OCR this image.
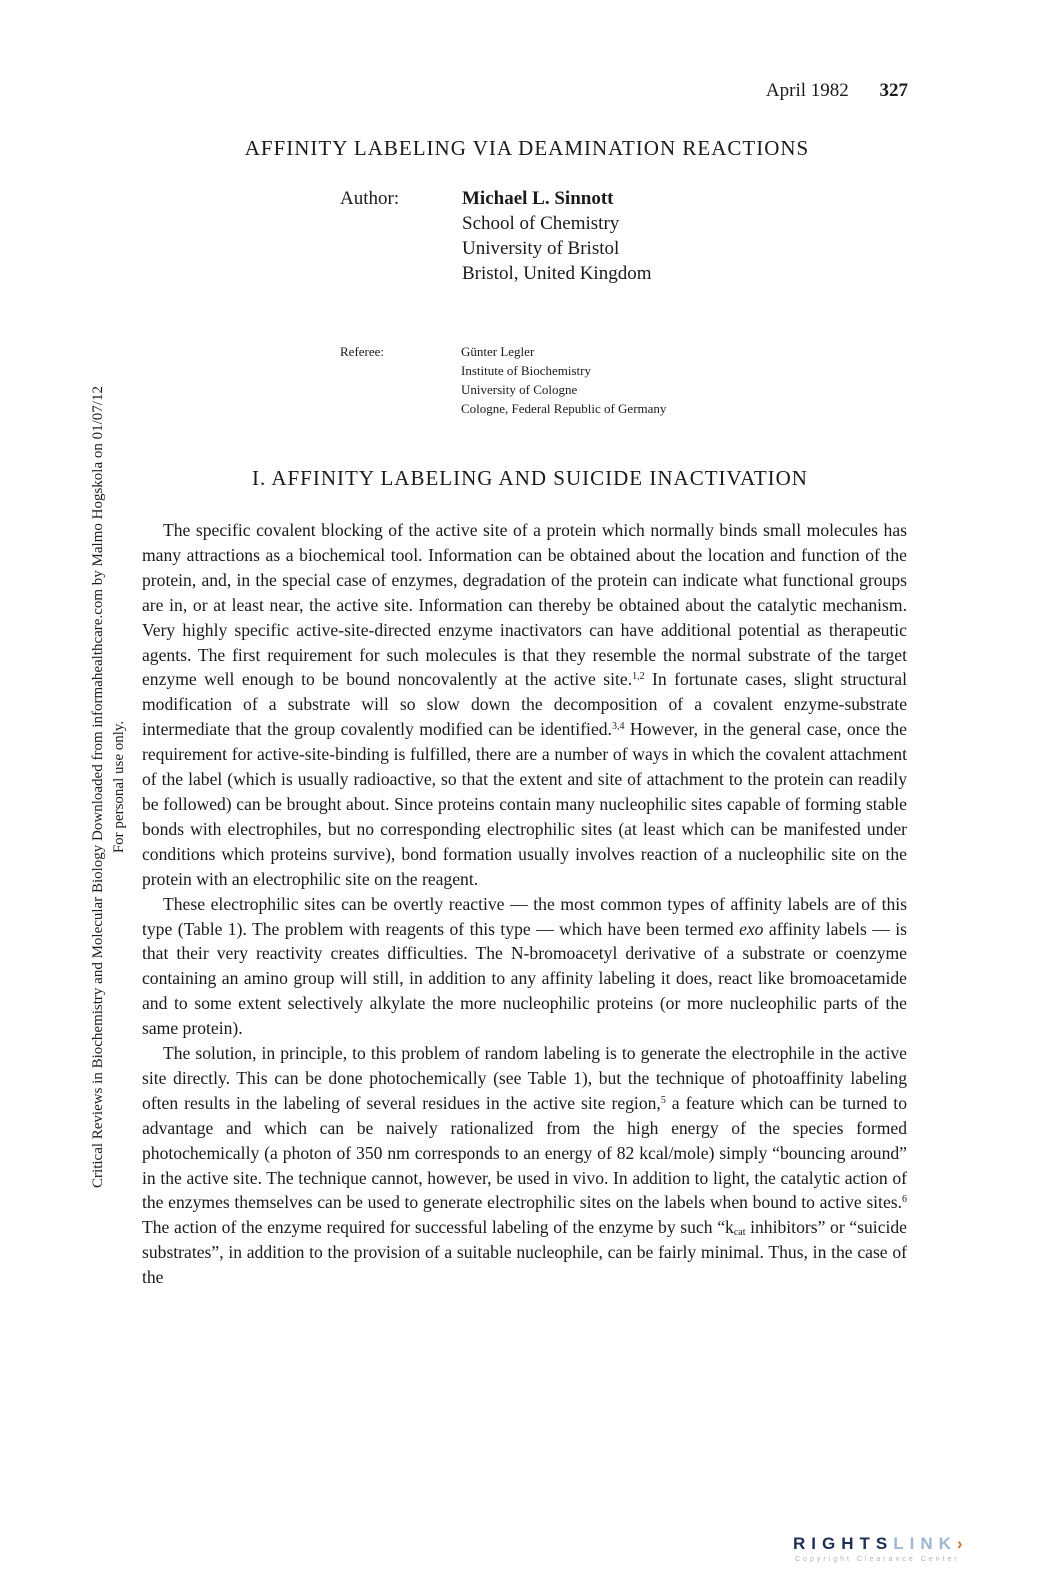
April 1982 327
AFFINITY LABELING VIA DEAMINATION REACTIONS
Author:	Michael L. Sinnott
School of Chemistry
University of Bristol
Bristol, United Kingdom
Referee:	Günter Legler
Institute of Biochemistry
University of Cologne
Cologne, Federal Republic of Germany
I. AFFINITY LABELING AND SUICIDE INACTIVATION

The specific covalent blocking of the active site of a protein which normally binds small molecules has many attractions as a biochemical tool. Information can be obtained about the location and function of the protein, and, in the special case of enzymes, degradation of the protein can indicate what functional groups are in, or at least near, the active site. Information can thereby be obtained about the catalytic mechanism. Very highly specific active-site-directed enzyme inactivators can have additional potential as therapeutic agents. The first requirement for such molecules is that they resemble the normal substrate of the target enzyme well enough to be bound noncovalently at the active site.$^{1,2}$ In fortunate cases, slight structural modification of a substrate will so slow down the decomposition of a covalent enzyme-substrate intermediate that the group covalently modified can be identified.$^{3,4}$ However, in the general case, once the requirement for active-site-binding is fulfilled, there are a number of ways in which the covalent attachment of the label (which is usually radioactive, so that the extent and site of attachment to the protein can readily be followed) can be brought about. Since proteins contain many nucleophilic sites capable of forming stable bonds with electrophiles, but no corresponding electrophilic sites (at least which can be manifested under conditions which proteins survive), bond formation usually involves reaction of a nucleophilic site on the protein with an electrophilic site on the reagent.

These electrophilic sites can be overtly reactive — the most common types of affinity labels are of this type (Table 1). The problem with reagents of this type — which have been termed exo affinity labels — is that their very reactivity creates difficulties. The N-bromoacetyl derivative of a substrate or coenzyme containing an amino group will still, in addition to any affinity labeling it does, react like bromoacetamide and to some extent selectively alkylate the more nucleophilic proteins (or more nucleophilic parts of the same protein).

The solution, in principle, to this problem of random labeling is to generate the electrophile in the active site directly. This can be done photochemically (see Table 1), but the technique of photoaffinity labeling often results in the labeling of several residues in the active site region,$^5$ a feature which can be turned to advantage and which can be naively rationalized from the high energy of the species formed photochemically (a photon of 350 nm corresponds to an energy of 82 kcal/mole) simply “bouncing around” in the active site. The technique cannot, however, be used in vivo. In addition to light, the catalytic action of the enzymes themselves can be used to generate electrophilic sites on the labels when bound to active sites.$^6$ The action of the enzyme required for successful labeling of the enzyme by such “$k_{cat}$ inhibitors” or “suicide substrates”, in addition to the provision of a suitable nucleophile, can be fairly minimal. Thus, in the case of the

Critical Reviews in Biochemistry and Molecular Biology Downloaded from informahealthcare.com by Malmo Hogskola on 01/07/12 For personal use only.
RIGHTSLINK›
Copyright Clearance Center
